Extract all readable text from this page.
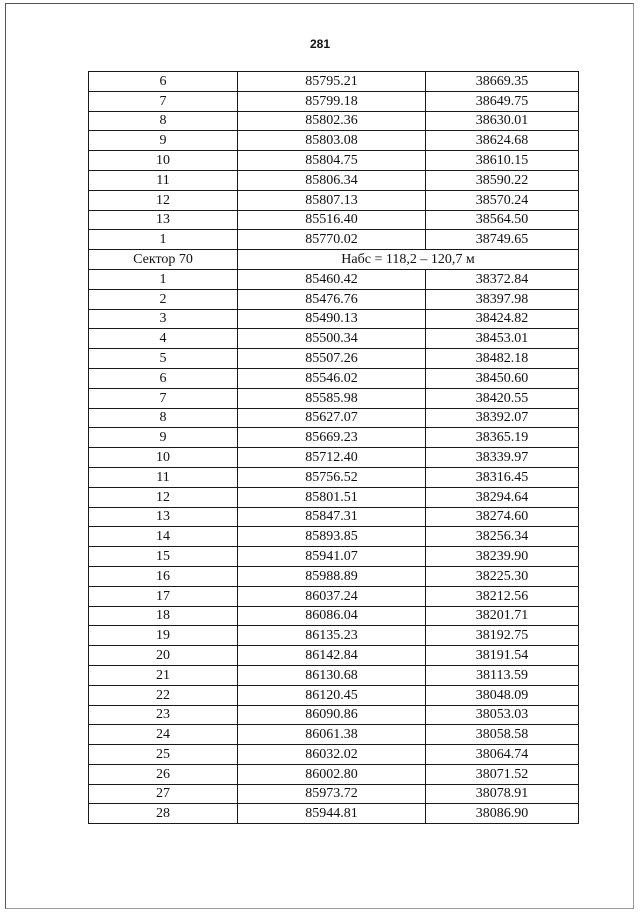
281
6	85795.21	38669.35
7	85799.18	38649.75
8	85802.36	38630.01
9	85803.08	38624.68
10	85804.75	38610.15
11	85806.34	38590.22
12	85807.13	38570.24
13	85516.40	38564.50
1	85770.02	38749.65
Сектор 70	Набс = 118,2 – 120,7 м	
1	85460.42	38372.84
2	85476.76	38397.98
3	85490.13	38424.82
4	85500.34	38453.01
5	85507.26	38482.18
6	85546.02	38450.60
7	85585.98	38420.55
8	85627.07	38392.07
9	85669.23	38365.19
10	85712.40	38339.97
11	85756.52	38316.45
12	85801.51	38294.64
13	85847.31	38274.60
14	85893.85	38256.34
15	85941.07	38239.90
16	85988.89	38225.30
17	86037.24	38212.56
18	86086.04	38201.71
19	86135.23	38192.75
20	86142.84	38191.54
21	86130.68	38113.59
22	86120.45	38048.09
23	86090.86	38053.03
24	86061.38	38058.58
25	86032.02	38064.74
26	86002.80	38071.52
27	85973.72	38078.91
28	85944.81	38086.90
